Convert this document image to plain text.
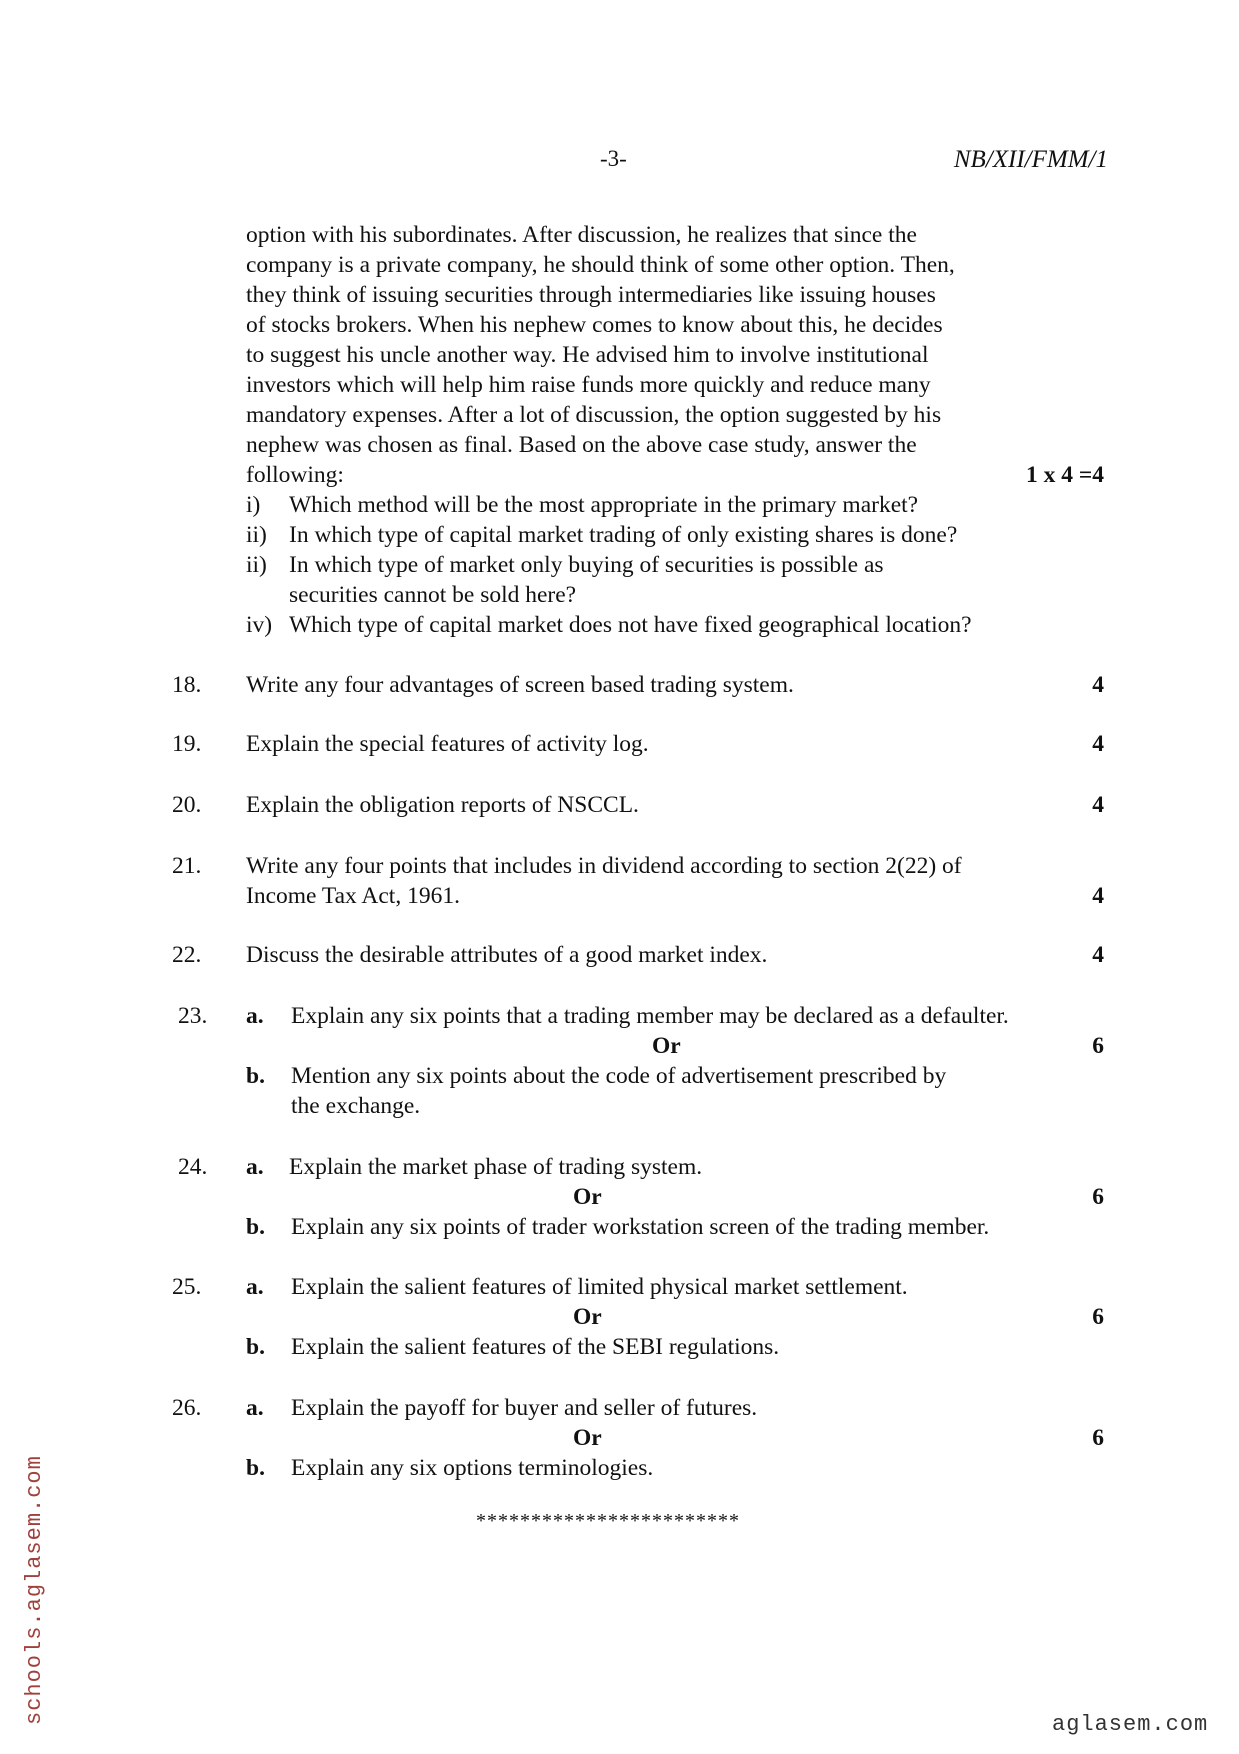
-3-	NB/XII/FMM/1
option with his subordinates. After discussion, he realizes that since the
company is a private company, he should think of some other option. Then,
they think of issuing securities through intermediaries like issuing houses
of stocks brokers. When his nephew comes to know about this, he decides
to suggest his uncle another way. He advised him to involve institutional
investors which will help him raise funds more quickly and reduce many
mandatory expenses. After a lot of discussion, the option suggested by his
nephew was chosen as final. Based on the above case study, answer the
following:	1 x 4 =4
i) Which method will be the most appropriate in the primary market?
ii) In which type of capital market trading of only existing shares is done?
ii) In which type of market only buying of securities is possible as
securities cannot be sold here?
iv) Which type of capital market does not have fixed geographical location?
18. Write any four advantages of screen based trading system.	4
19. Explain the special features of activity log.	4
20. Explain the obligation reports of NSCCL.	4
21. Write any four points that includes in dividend according to section 2(22) of
Income Tax Act, 1961.	4
22. Discuss the desirable attributes of a good market index.	4
23. a. Explain any six points that a trading member may be declared as a defaulter.
Or	6
b. Mention any six points about the code of advertisement prescribed by
the exchange.
24. a. Explain the market phase of trading system.
Or	6
b. Explain any six points of trader workstation screen of the trading member.
25. a. Explain the salient features of limited physical market settlement.
Or	6
b. Explain the salient features of the SEBI regulations.
26. a. Explain the payoff for buyer and seller of futures.
Or	6
b. Explain any six options terminologies.
************************
schools.aglasem.com	aglasem.com
